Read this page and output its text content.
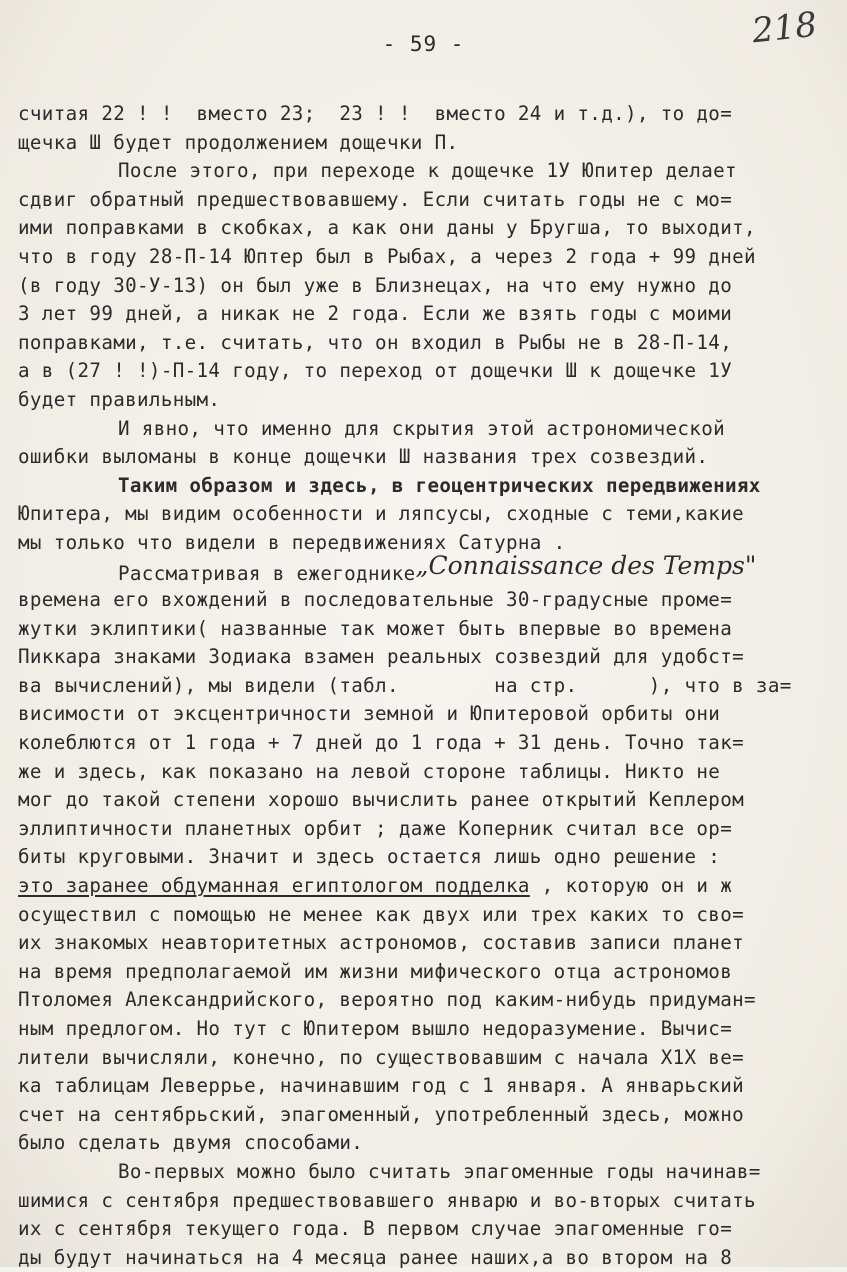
- 59 -	218
считая 22 ! !  вместо 23;  23 ! !  вместо 24 и т.д.), то до=
щечка Ш будет продолжением дощечки П.
После этого, при переходе к дощечке 1У Юпитер делает
сдвиг обратный предшествовавшему. Если считать годы не с мо=
ими поправками в скобках, а как они даны у Бругша, то выходит,
что в году 28-П-14 Юптер был в Рыбах, а через 2 года + 99 дней
(в году 30-У-13) он был уже в Близнецах, на что ему нужно до
3 лет 99 дней, а никак не 2 года. Если же взять годы с моими
поправками, т.е. считать, что он входил в Рыбы не в 28-П-14,
а в (27 ! !)-П-14 году, то переход от дощечки Ш к дощечке 1У
будет правильным.
И явно, что именно для скрытия этой астрономической
ошибки выломаны в конце дощечки Ш названия трех созвездий.
Таким образом и здесь, в геоцентрических передвижениях
Юпитера, мы видим особенности и ляпсусы, сходные с теми,какие
мы только что видели в передвижениях Сатурна .
Рассматривая в ежегоднике„Connaissance des Temps"
времена его вхождений в последовательные 30-градусные проме=
жутки эклиптики( названные так может быть впервые во времена
Пиккара знаками Зодиака взамен реальных созвездий для удобст=
ва вычислений), мы видели (табл.        на стр.      ), что в за=
висимости от эксцентричности земной и Юпитеровой орбиты они
колеблются от 1 года + 7 дней до 1 года + 31 день. Точно так=
же и здесь, как показано на левой стороне таблицы. Никто не
мог до такой степени хорошо вычислить ранее открытий Кеплером
эллиптичности планетных орбит ; даже Коперник считал все ор=
биты круговыми. Значит и здесь остается лишь одно решение :
это заранее обдуманная египтологом подделка , которую он и ж
осуществил с помощью не менее как двух или трех каких то сво=
их знакомых неавторитетных астрономов, составив записи планет
на время предполагаемой им жизни мифического отца астрономов
Птоломея Александрийского, вероятно под каким-нибудь придуман=
ным предлогом. Но тут с Юпитером вышло недоразумение. Вычис=
лители вычисляли, конечно, по существовавшим с начала Х1Х ве=
ка таблицам Леверрье, начинавшим год с 1 января. А январьский
счет на сентябрьский, эпагоменный, употребленный здесь, можно
было сделать двумя способами.
Во-первых можно было считать эпагоменные годы начинав=
шимися с сентября предшествовавшего январю и во-вторых считать
их с сентября текущего года. В первом случае эпагоменные го=
ды будут начинаться на 4 месяца ранее наших,а во втором на 8
